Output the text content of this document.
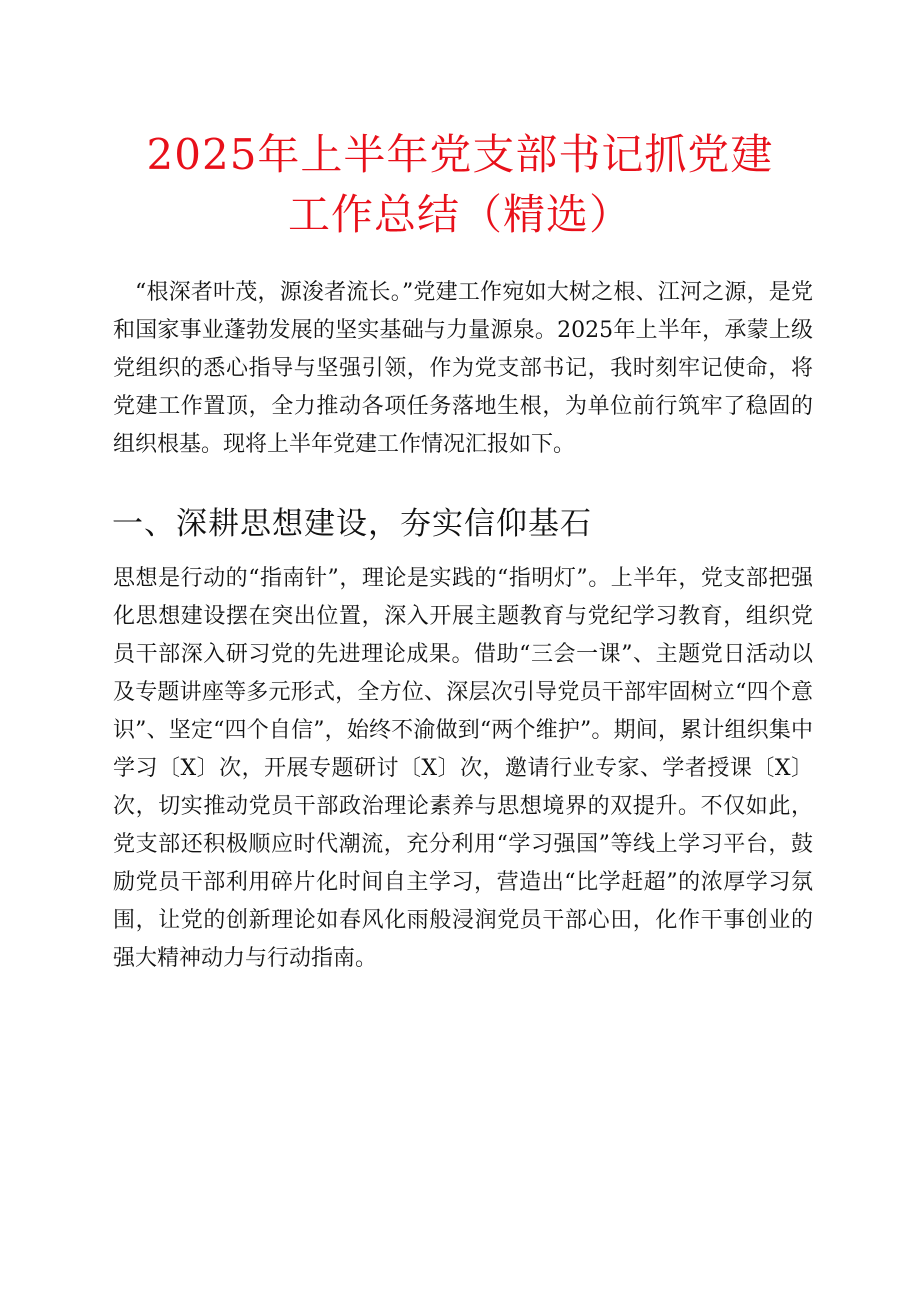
2025年上半年党支部书记抓党建
工作总结（精选）

“根深者叶茂，源浚者流长。”党建工作宛如大树之根、江河之源，是党和国家事业蓬勃发展的坚实基础与力量源泉。2025年上半年，承蒙上级党组织的悉心指导与坚强引领，作为党支部书记，我时刻牢记使命，将党建工作置顶，全力推动各项任务落地生根，为单位前行筑牢了稳固的组织根基。现将上半年党建工作情况汇报如下。

一、深耕思想建设，夯实信仰基石

思想是行动的“指南针”，理论是实践的“指明灯”。上半年，党支部把强化思想建设摆在突出位置，深入开展主题教育与党纪学习教育，组织党员干部深入研习党的先进理论成果。借助“三会一课”、主题党日活动以及专题讲座等多元形式，全方位、深层次引导党员干部牢固树立“四个意识”、坚定“四个自信”，始终不渝做到“两个维护”。期间，累计组织集中学习〔X〕次，开展专题研讨〔X〕次，邀请行业专家、学者授课〔X〕次，切实推动党员干部政治理论素养与思想境界的双提升。不仅如此，党支部还积极顺应时代潮流，充分利用“学习强国”等线上学习平台，鼓励党员干部利用碎片化时间自主学习，营造出“比学赶超”的浓厚学习氛围，让党的创新理论如春风化雨般浸润党员干部心田，化作干事创业的强大精神动力与行动指南。
